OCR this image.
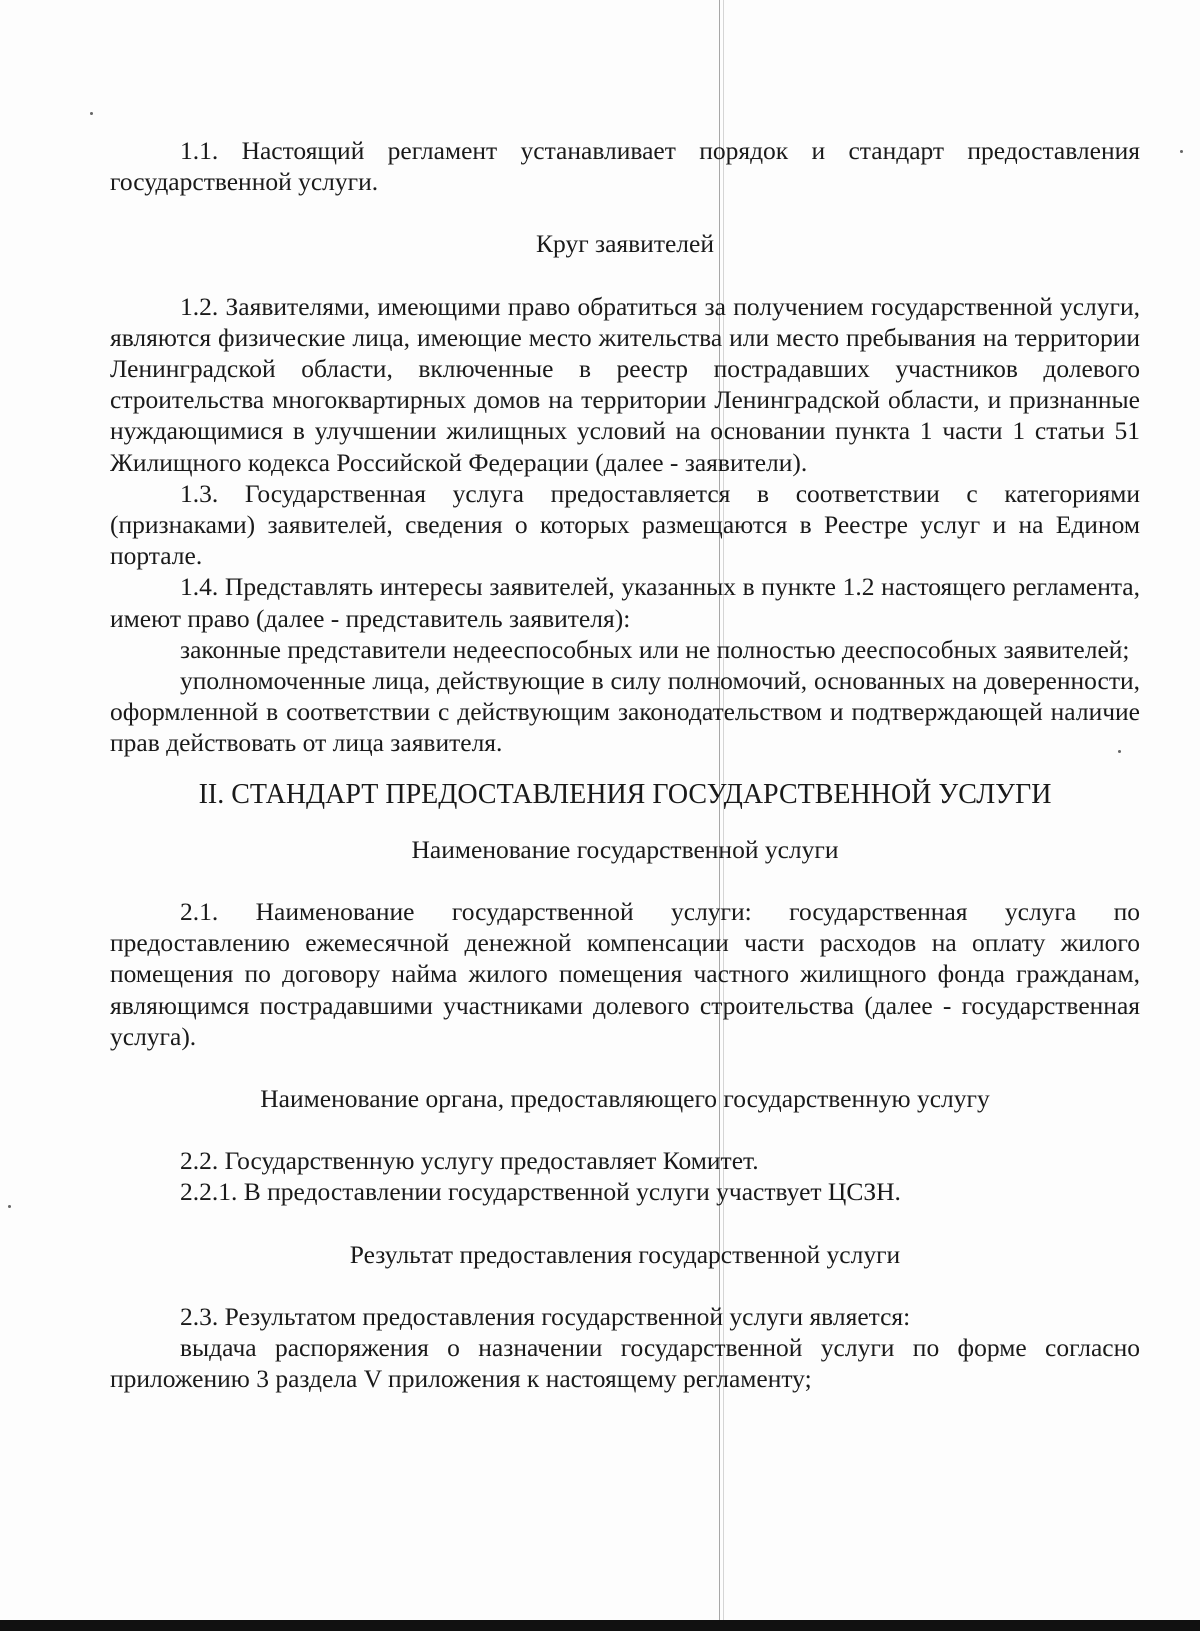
1.1. Настоящий регламент устанавливает порядок и стандарт предоставления государственной услуги.

Круг заявителей

1.2. Заявителями, имеющими право обратиться за получением государственной услуги, являются физические лица, имеющие место жительства или место пребывания на территории Ленинградской области, включенные в реестр пострадавших участников долевого строительства многоквартирных домов на территории Ленинградской области, и признанные нуждающимися в улучшении жилищных условий на основании пункта 1 части 1 статьи 51 Жилищного кодекса Российской Федерации (далее - заявители).

1.3. Государственная услуга предоставляется в соответствии с категориями (признаками) заявителей, сведения о которых размещаются в Реестре услуг и на Едином портале.

1.4. Представлять интересы заявителей, указанных в пункте 1.2 настоящего регламента, имеют право (далее - представитель заявителя):

законные представители недееспособных или не полностью дееспособных заявителей;

уполномоченные лица, действующие в силу полномочий, основанных на доверенности, оформленной в соответствии с действующим законодательством и подтверждающей наличие прав действовать от лица заявителя.

II. СТАНДАРТ ПРЕДОСТАВЛЕНИЯ ГОСУДАРСТВЕННОЙ УСЛУГИ

Наименование государственной услуги

2.1. Наименование государственной услуги: государственная услуга по предоставлению ежемесячной денежной компенсации части расходов на оплату жилого помещения по договору найма жилого помещения частного жилищного фонда гражданам, являющимся пострадавшими участниками долевого строительства (далее - государственная услуга).

Наименование органа, предоставляющего государственную услугу

2.2. Государственную услугу предоставляет Комитет.

2.2.1. В предоставлении государственной услуги участвует ЦСЗН.

Результат предоставления государственной услуги

2.3. Результатом предоставления государственной услуги является:

выдача распоряжения о назначении государственной услуги по форме согласно приложению 3 раздела V приложения к настоящему регламенту;
